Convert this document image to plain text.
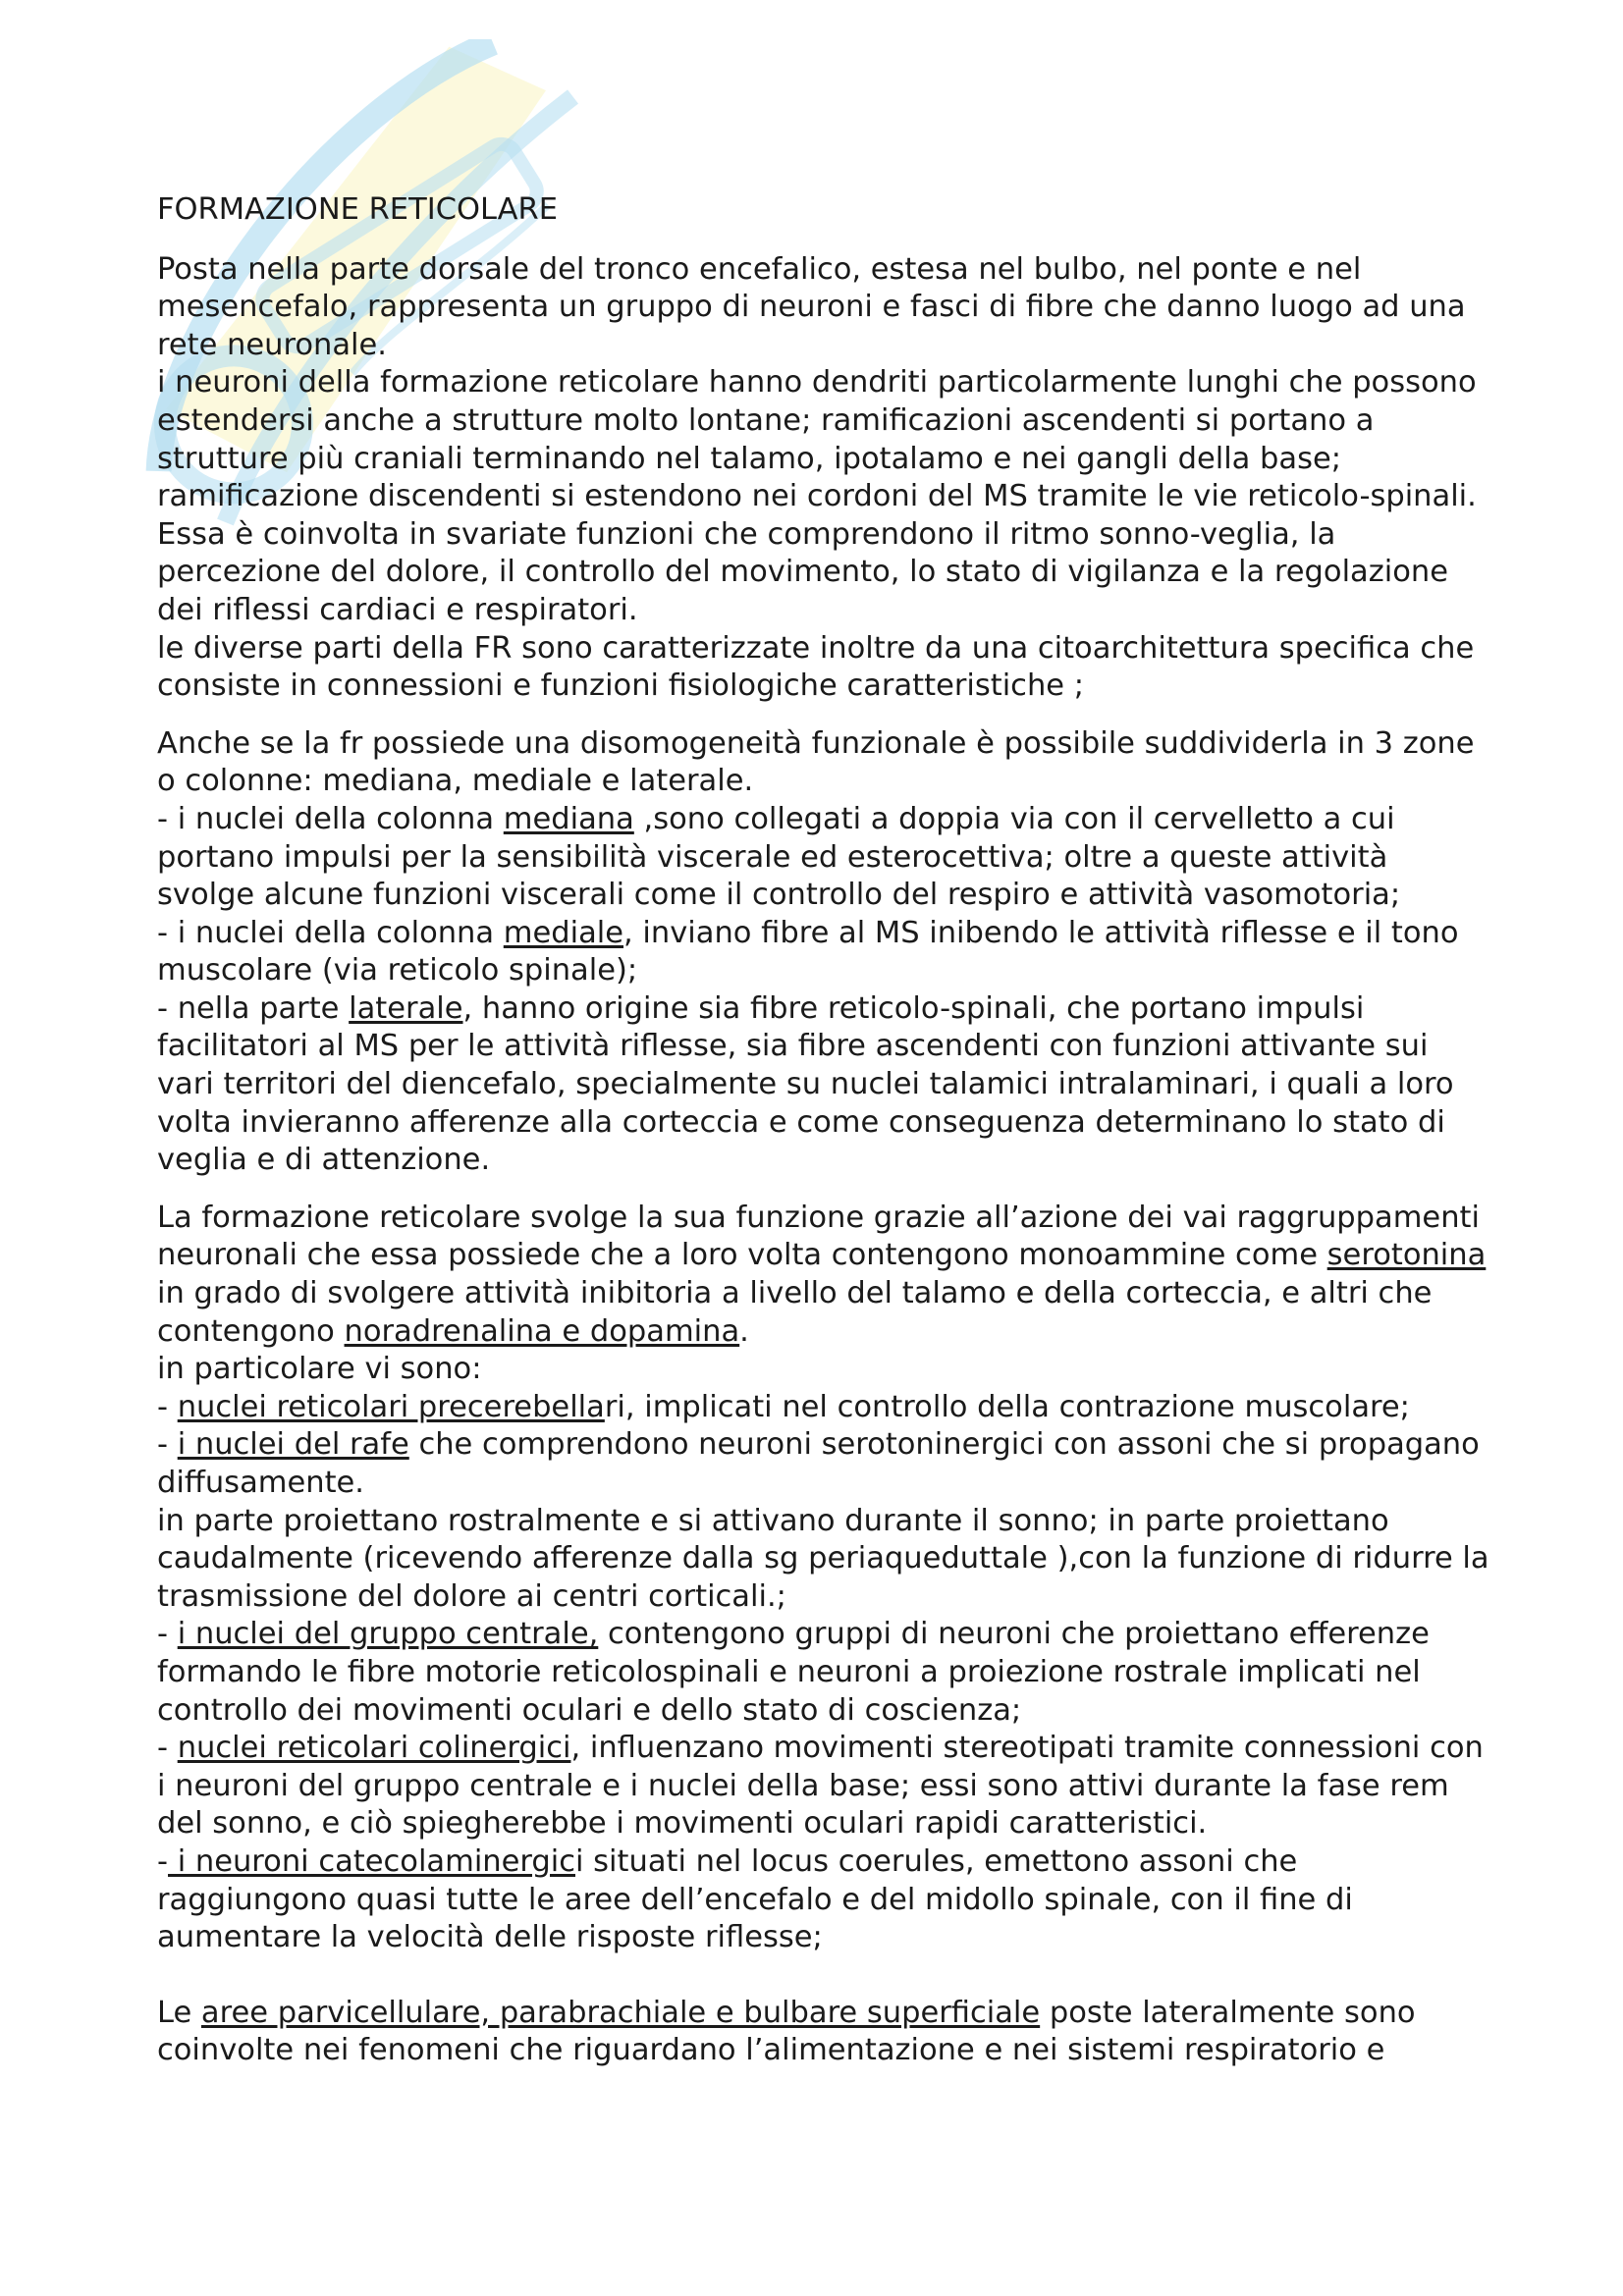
FORMAZIONE RETICOLARE

Posta nella parte dorsale del tronco encefalico, estesa nel bulbo, nel ponte e nel mesencefalo, rappresenta un gruppo di neuroni e fasci di fibre che danno luogo ad una rete neuronale.

i neuroni della formazione reticolare hanno dendriti particolarmente lunghi che possono estendersi anche a strutture molto lontane; ramificazioni ascendenti si portano a strutture più craniali terminando nel talamo, ipotalamo e nei gangli della base; ramificazione discendenti si estendono nei cordoni del MS tramite le vie reticolo-spinali.

Essa è coinvolta in svariate funzioni che comprendono il ritmo sonno-veglia, la percezione del dolore, il controllo del movimento, lo stato di vigilanza e la regolazione dei riflessi cardiaci e respiratori.

le diverse parti della FR sono caratterizzate inoltre da una citoarchitettura specifica che consiste in connessioni e funzioni fisiologiche caratteristiche ;

Anche se la fr possiede una disomogeneità funzionale è possibile suddividerla in 3 zone o colonne: mediana, mediale e laterale.

- i nuclei della colonna mediana ,sono collegati a doppia via con il cervelletto a cui portano impulsi per la sensibilità viscerale ed esterocettiva; oltre a queste attività svolge alcune funzioni viscerali come il controllo del respiro e attività vasomotoria;

- i nuclei della colonna mediale, inviano fibre al MS inibendo le attività riflesse e il tono muscolare (via reticolo spinale);

- nella parte laterale, hanno origine sia fibre reticolo-spinali, che portano impulsi facilitatori al MS per le attività riflesse, sia fibre ascendenti con funzioni attivante sui vari territori del diencefalo, specialmente su nuclei talamici intralaminari, i quali a loro volta invieranno afferenze alla corteccia e come conseguenza determinano lo stato di veglia e di attenzione.

La formazione reticolare svolge la sua funzione grazie all’azione dei vai raggruppamenti neuronali che essa possiede che a loro volta contengono monoammine come serotonina in grado di svolgere attività inibitoria a livello del talamo e della corteccia, e altri che contengono noradrenalina e dopamina.

in particolare vi sono:

- nuclei reticolari precerebellari, implicati nel controllo della contrazione muscolare;

- i nuclei del rafe che comprendono neuroni serotoninergici con assoni che si propagano diffusamente.

in parte proiettano rostralmente e si attivano durante il sonno; in parte proiettano caudalmente (ricevendo afferenze dalla sg periaqueduttale ),con la funzione di ridurre la trasmissione del dolore ai centri corticali.;

- i nuclei del gruppo centrale, contengono gruppi di neuroni che proiettano efferenze formando le fibre motorie reticolospinali e neuroni a proiezione rostrale implicati nel controllo dei movimenti oculari e dello stato di coscienza;

- nuclei reticolari colinergici, influenzano movimenti stereotipati tramite connessioni con i neuroni del gruppo centrale e i nuclei della base; essi sono attivi durante la fase rem del sonno, e ciò spiegherebbe i movimenti oculari rapidi caratteristici.

- i neuroni catecolaminergici situati nel locus coerules, emettono assoni che raggiungono quasi tutte le aree dell’encefalo e del midollo spinale, con il fine di aumentare la velocità delle risposte riflesse;

Le aree parvicellulare, parabrachiale e bulbare superficiale poste lateralmente sono coinvolte nei fenomeni che riguardano l’alimentazione e nei sistemi respiratorio e
